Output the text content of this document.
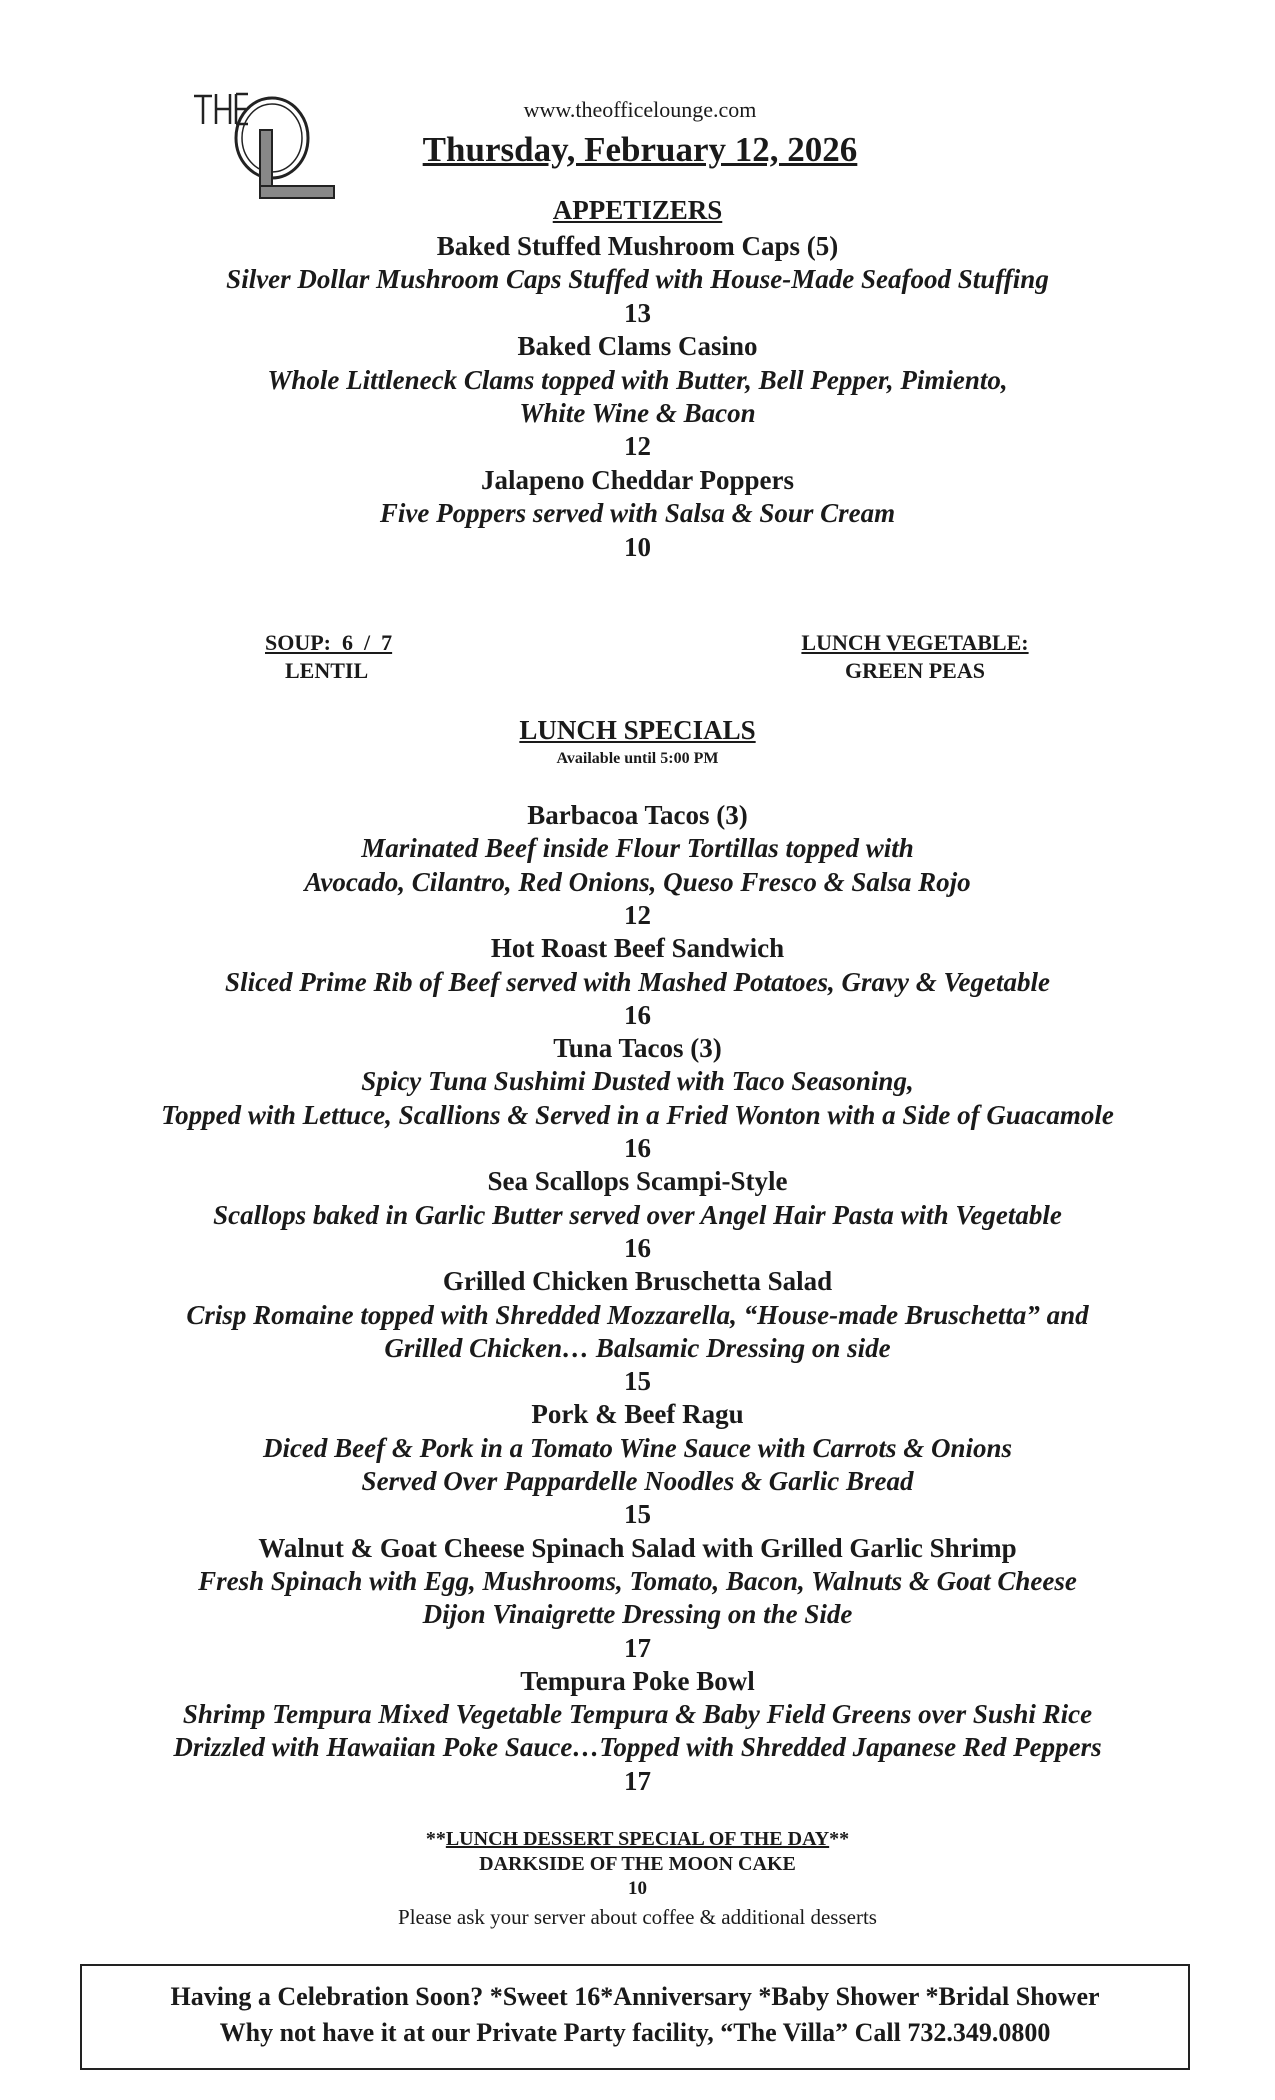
www.theofficelounge.com
Thursday, February 12, 2026
APPETIZERS
Baked Stuffed Mushroom Caps (5)
Silver Dollar Mushroom Caps Stuffed with House-Made Seafood Stuffing
13
Baked Clams Casino
Whole Littleneck Clams topped with Butter, Bell Pepper, Pimiento,
White Wine & Bacon
12
Jalapeno Cheddar Poppers
Five Poppers served with Salsa & Sour Cream
10
SOUP:  6  /  7
LENTIL
LUNCH VEGETABLE:
GREEN PEAS
LUNCH SPECIALS
Available until 5:00 PM
Barbacoa Tacos (3)
Marinated Beef inside Flour Tortillas topped with
Avocado, Cilantro, Red Onions, Queso Fresco & Salsa Rojo
12
Hot Roast Beef Sandwich
Sliced Prime Rib of Beef served with Mashed Potatoes, Gravy & Vegetable
16
Tuna Tacos (3)
Spicy Tuna Sushimi Dusted with Taco Seasoning,
Topped with Lettuce, Scallions & Served in a Fried Wonton with a Side of Guacamole
16
Sea Scallops Scampi-Style
Scallops baked in Garlic Butter served over Angel Hair Pasta with Vegetable
16
Grilled Chicken Bruschetta Salad
Crisp Romaine topped with Shredded Mozzarella, “House-made Bruschetta” and
Grilled Chicken… Balsamic Dressing on side
15
Pork & Beef Ragu
Diced Beef & Pork in a Tomato Wine Sauce with Carrots & Onions
Served Over Pappardelle Noodles & Garlic Bread
15
Walnut & Goat Cheese Spinach Salad with Grilled Garlic Shrimp
Fresh Spinach with Egg, Mushrooms, Tomato, Bacon, Walnuts & Goat Cheese
Dijon Vinaigrette Dressing on the Side
17
Tempura Poke Bowl
Shrimp Tempura Mixed Vegetable Tempura & Baby Field Greens over Sushi Rice
Drizzled with Hawaiian Poke Sauce…Topped with Shredded Japanese Red Peppers
17
**LUNCH DESSERT SPECIAL OF THE DAY**
DARKSIDE OF THE MOON CAKE
10
Please ask your server about coffee & additional desserts
Having a Celebration Soon? *Sweet 16*Anniversary *Baby Shower *Bridal Shower
Why not have it at our Private Party facility, “The Villa” Call 732.349.0800
